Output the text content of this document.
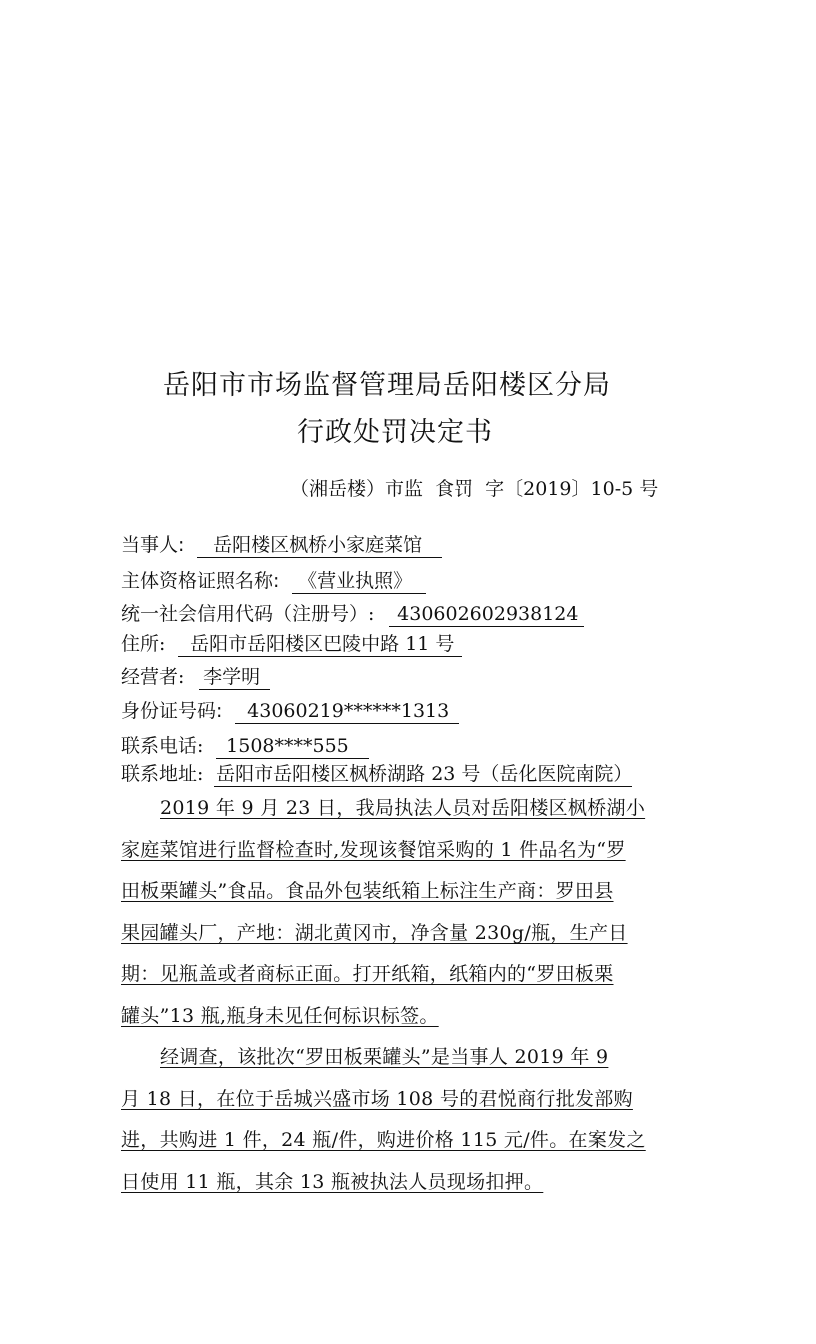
岳阳市市场监督管理局岳阳楼区分局
行政处罚决定书
（湘岳楼）市监  食罚  字〔2019〕10-5 号
当事人: 岳阳楼区枫桥小家庭菜馆
主体资格证照名称: 《营业执照》
统一社会信用代码（注册号）: 430602602938124
住所: 岳阳市岳阳楼区巴陵中路 11 号
经营者: 李学明
身份证号码: 43060219******1313
联系电话: 1508****555
联系地址: 岳阳市岳阳楼区枫桥湖路 23 号（岳化医院南院）
2019 年 9 月 23 日，我局执法人员对岳阳楼区枫桥湖小
家庭菜馆进行监督检查时,发现该餐馆采购的 1 件品名为“罗
田板栗罐头”食品。食品外包装纸箱上标注生产商：罗田县
果园罐头厂，产地：湖北黄冈市，净含量 230g/瓶，生产日
期：见瓶盖或者商标正面。打开纸箱，纸箱内的“罗田板栗
罐头”13 瓶,瓶身未见任何标识标签。
经调查，该批次“罗田板栗罐头”是当事人 2019 年 9
月 18 日，在位于岳城兴盛市场 108 号的君悦商行批发部购
进，共购进 1 件，24 瓶/件，购进价格 115 元/件。在案发之
日使用 11 瓶，其余 13 瓶被执法人员现场扣押。
